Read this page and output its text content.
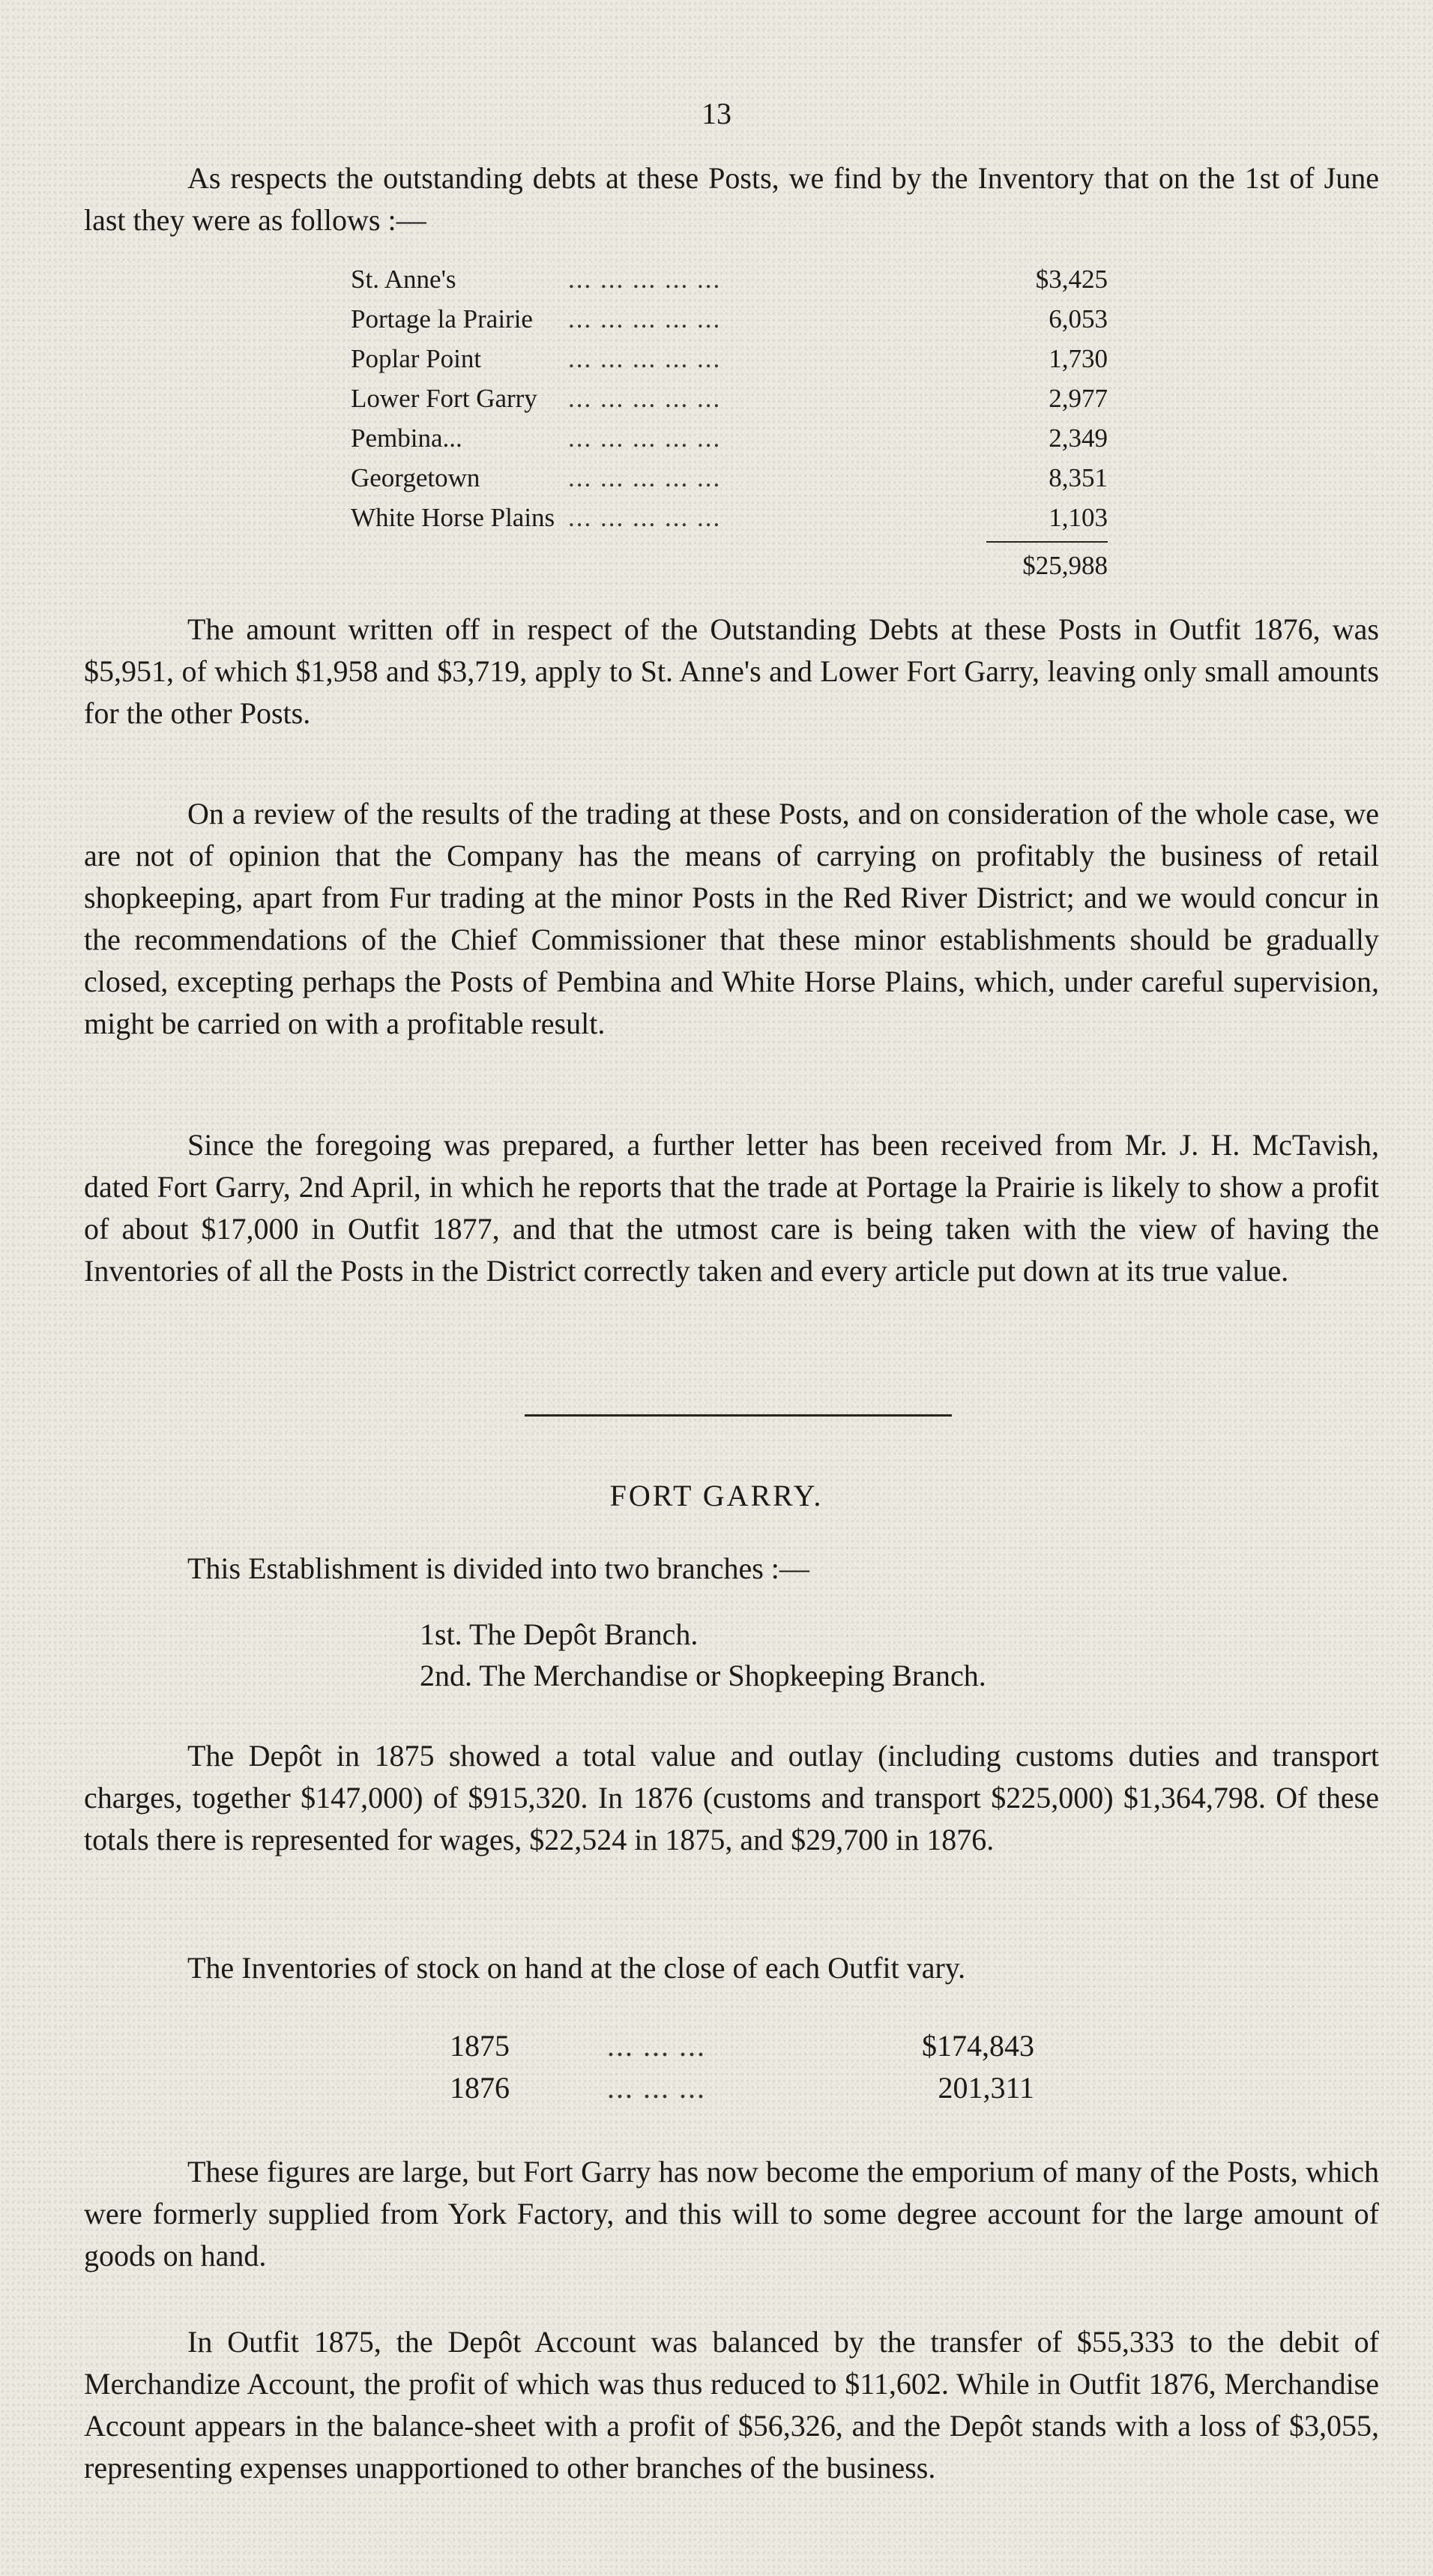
13

As respects the outstanding debts at these Posts, we find by the Inventory that on the 1st of June last they were as follows :—

St. Anne's	... ... ... ... ...	$3,425
Portage la Prairie ... ... ... ... ...	6,053
Poplar Point	... ... ... ... ...	1,730
Lower Fort Garry ... ... ... ... ...	2,977
Pembina...	... ... ... ... ...	2,349
Georgetown	... ... ... ... ...	8,351
White Horse Plains ... ... ... ... ...	1,103
$25,988

The amount written off in respect of the Outstanding Debts at these Posts in Outfit 1876, was $5,951, of which $1,958 and $3,719, apply to St. Anne's and Lower Fort Garry, leaving only small amounts for the other Posts.

On a review of the results of the trading at these Posts, and on consideration of the whole case, we are not of opinion that the Company has the means of carrying on profitably the business of retail shopkeeping, apart from Fur trading at the minor Posts in the Red River District; and we would concur in the recommendations of the Chief Commissioner that these minor establishments should be gradually closed, excepting perhaps the Posts of Pembina and White Horse Plains, which, under careful supervision, might be carried on with a profitable result.

Since the foregoing was prepared, a further letter has been received from Mr. J. H. McTavish, dated Fort Garry, 2nd April, in which he reports that the trade at Portage la Prairie is likely to show a profit of about $17,000 in Outfit 1877, and that the utmost care is being taken with the view of having the Inventories of all the Posts in the District correctly taken and every article put down at its true value.

FORT GARRY.

This Establishment is divided into two branches :—

1st. The Depôt Branch.
2nd. The Merchandise or Shopkeeping Branch.

The Depôt in 1875 showed a total value and outlay (including customs duties and transport charges, together $147,000) of $915,320. In 1876 (customs and transport $225,000) $1,364,798. Of these totals there is represented for wages, $22,524 in 1875, and $29,700 in 1876.

The Inventories of stock on hand at the close of each Outfit vary.

1875	... ... ...	$174,843
1876	... ... ...	201,311

These figures are large, but Fort Garry has now become the emporium of many of the Posts, which were formerly supplied from York Factory, and this will to some degree account for the large amount of goods on hand.

In Outfit 1875, the Depôt Account was balanced by the transfer of $55,333 to the debit of Merchandize Account, the profit of which was thus reduced to $11,602. While in Outfit 1876, Merchandise Account appears in the balance-sheet with a profit of $56,326, and the Depôt stands with a loss of $3,055, representing expenses unapportioned to other branches of the business.
